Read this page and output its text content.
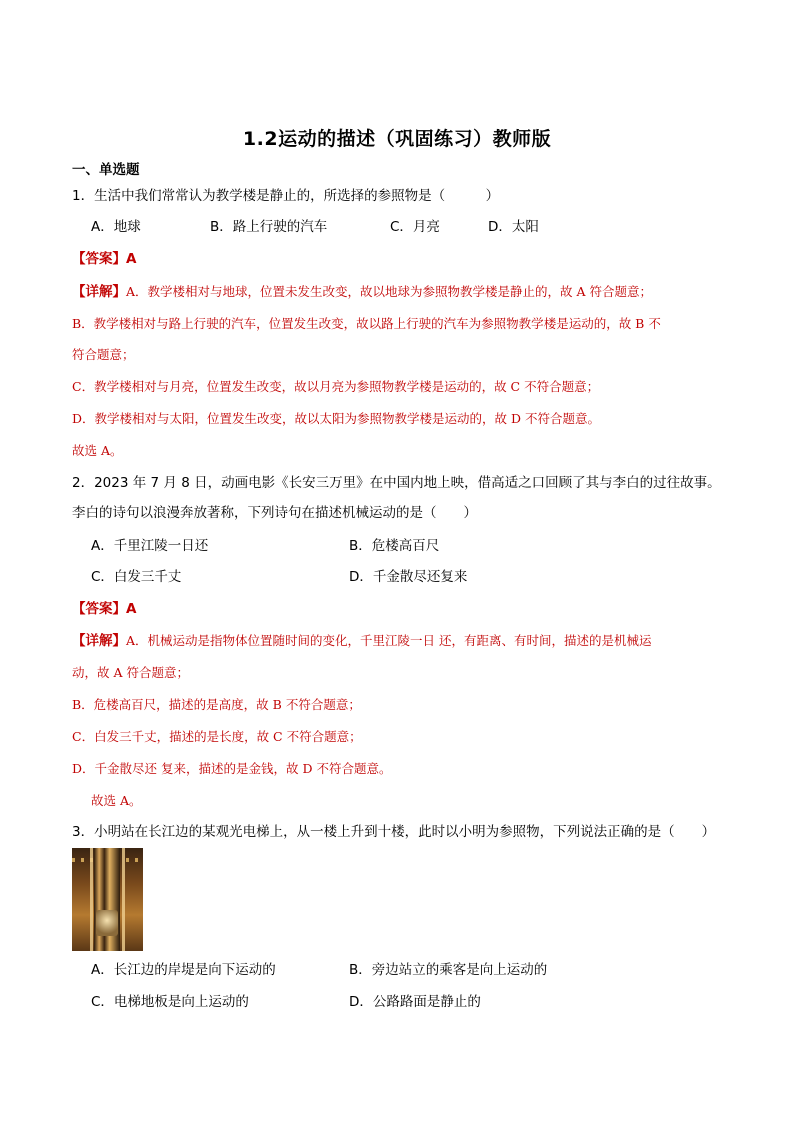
1.2运动的描述（巩固练习）教师版
一、单选题
1．生活中我们常常认为教学楼是静止的，所选择的参照物是（　　　）
A．地球	B．路上行驶的汽车	C．月亮	D．太阳
【答案】A
【详解】A．教学楼相对与地球，位置未发生改变，故以地球为参照物教学楼是静止的，故 A 符合题意；
B．教学楼相对与路上行驶的汽车，位置发生改变，故以路上行驶的汽车为参照物教学楼是运动的，故 B 不
符合题意；
C．教学楼相对与月亮，位置发生改变，故以月亮为参照物教学楼是运动的，故 C 不符合题意；
D．教学楼相对与太阳，位置发生改变，故以太阳为参照物教学楼是运动的，故 D 不符合题意。
故选 A。
2．2023 年 7 月 8 日，动画电影《长安三万里》在中国内地上映，借高适之口回顾了其与李白的过往故事。
李白的诗句以浪漫奔放著称，下列诗句在描述机械运动的是（　　）
A．千里江陵一日还	B．危楼高百尺
C．白发三千丈	D．千金散尽还复来
【答案】A
【详解】A．机械运动是指物体位置随时间的变化，千里江陵一日 还，有距离、有时间，描述的是机械运
动，故 A 符合题意；
B．危楼高百尺，描述的是高度，故 B 不符合题意；
C．白发三千丈，描述的是长度，故 C 不符合题意；
D．千金散尽还 复来，描述的是金钱，故 D 不符合题意。
故选 A。
3．小明站在长江边的某观光电梯上，从一楼上升到十楼，此时以小明为参照物，下列说法正确的是（　　）
A．长江边的岸堤是向下运动的	B．旁边站立的乘客是向上运动的
C．电梯地板是向上运动的	D．公路路面是静止的
